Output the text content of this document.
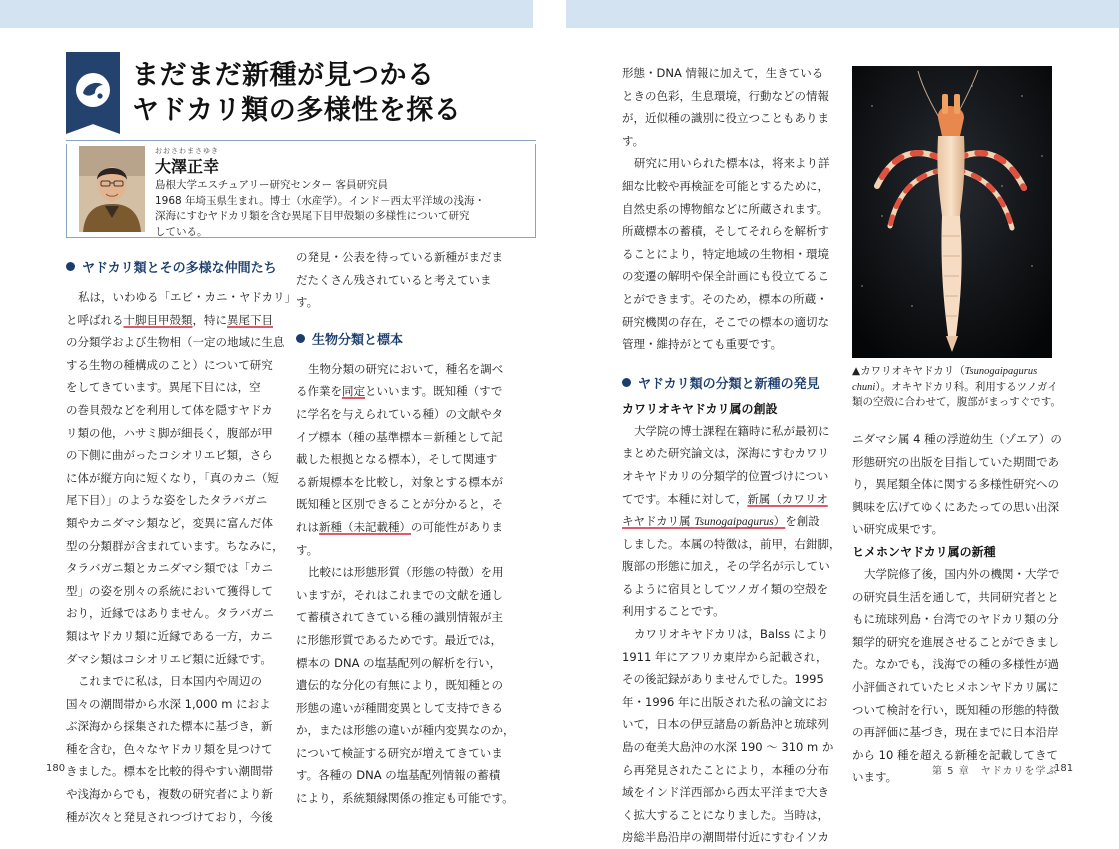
まだまだ新種が見つかる
ヤドカリ類の多様性を探る
おおさわまさゆき
大澤正幸
島根大学エスチュアリー研究センター 客員研究員
1968 年埼玉県生まれ。博士（水産学）。インド－西太平洋域の浅海・
深海にすむヤドカリ類を含む異尾下目甲殻類の多様性について研究
している。
ヤドカリ類とその多様な仲間たち
私は，いわゆる「エビ・カニ・ヤドカリ」
と呼ばれる十脚目甲殻類，特に異尾下目
の分類学および生物相（一定の地域に生息
する生物の種構成のこと）について研究
をしてきています。異尾下目には，空
の巻貝殻などを利用して体を隠すヤドカ
リ類の他，ハサミ脚が細長く，腹部が甲
の下側に曲がったコシオリエビ類，さら
に体が縦方向に短くなり，「真のカニ（短
尾下目）」のような姿をしたタラバガニ
類やカニダマシ類など，変異に富んだ体
型の分類群が含まれています。ちなみに，
タラバガニ類とカニダマシ類では「カニ
型」の姿を別々の系統において獲得して
おり，近縁ではありません。タラバガニ
類はヤドカリ類に近縁である一方，カニ
ダマシ類はコシオリエビ類に近縁です。
これまでに私は，日本国内や周辺の
国々の潮間帯から水深 1,000 m におよ
ぶ深海から採集された標本に基づき，新
種を含む，色々なヤドカリ類を見つけて
きました。標本を比較的得やすい潮間帯
や浅海からでも，複数の研究者により新
種が次々と発見されつづけており，今後
の発見・公表を待っている新種がまだま
だたくさん残されていると考えていま
す。
生物分類と標本
生物分類の研究において，種名を調べ
る作業を同定といいます。既知種（すで
に学名を与えられている種）の文献やタ
イプ標本（種の基準標本＝新種として記
載した根拠となる標本），そして関連す
る新規標本を比較し，対象とする標本が
既知種と区別できることが分かると，そ
れは新種（未記載種）の可能性がありま
す。
比較には形態形質（形態の特徴）を用
いますが，それはこれまでの文献を通し
て蓄積されてきている種の識別情報が主
に形態形質であるためです。最近では，
標本の DNA の塩基配列の解析を行い，
遺伝的な分化の有無により，既知種との
形態の違いが種間変異として支持できる
か，または形態の違いが種内変異なのか，
について検証する研究が増えてきていま
す。各種の DNA の塩基配列情報の蓄積
により，系統類縁関係の推定も可能です。
形態・DNA 情報に加えて，生きている
ときの色彩，生息環境，行動などの情報
が，近似種の識別に役立つこともありま
す。
研究に用いられた標本は，将来より詳
細な比較や再検証を可能とするために，
自然史系の博物館などに所蔵されます。
所蔵標本の蓄積，そしてそれらを解析す
ることにより，特定地域の生物相・環境
の変遷の解明や保全計画にも役立てるこ
とができます。そのため，標本の所蔵・
研究機関の存在，そこでの標本の適切な
管理・維持がとても重要です。
ヤドカリ類の分類と新種の発見
カワリオキヤドカリ属の創設
大学院の博士課程在籍時に私が最初に
まとめた研究論文は，深海にすむカワリ
オキヤドカリの分類学的位置づけについ
てです。本種に対して，新属（カワリオ
キヤドカリ属 Tsunogaipagurus）を創設
しました。本属の特徴は，前甲，右鉗脚，
腹部の形態に加え，その学名が示してい
るように宿貝としてツノガイ類の空殻を
利用することです。
カワリオキヤドカリは，Balss により
1911 年にアフリカ東岸から記載され，
その後記録がありませんでした。1995
年・1996 年に出版された私の論文にお
いて，日本の伊豆諸島の新島沖と琉球列
島の奄美大島沖の水深 190 ～ 310 m か
ら再発見されたことにより，本種の分布
域をインド洋西部から西太平洋まで大き
く拡大することになりました。当時は，
房総半島沿岸の潮間帯付近にすむイソカ
▲カワリオキヤドカリ（Tsunogaipagurus
chuni）。オキヤドカリ科。利用するツノガイ
類の空殻に合わせて，腹部がまっすぐです。
ニダマシ属 4 種の浮遊幼生（ゾエア）の
形態研究の出版を目指していた期間であ
り，異尾類全体に関する多様性研究への
興味を広げてゆくにあたっての思い出深
い研究成果です。
ヒメホンヤドカリ属の新種
大学院修了後，国内外の機関・大学で
の研究員生活を通して，共同研究者とと
もに琉球列島・台湾でのヤドカリ類の分
類学的研究を進展させることができまし
た。なかでも，浅海での種の多様性が過
小評価されていたヒメホンヤドカリ属に
ついて検討を行い，既知種の形態的特徴
の再評価に基づき，現在までに日本沿岸
から 10 種を超える新種を記載してきて
います。
180	第 5 章　ヤドカリを学ぶ
181
